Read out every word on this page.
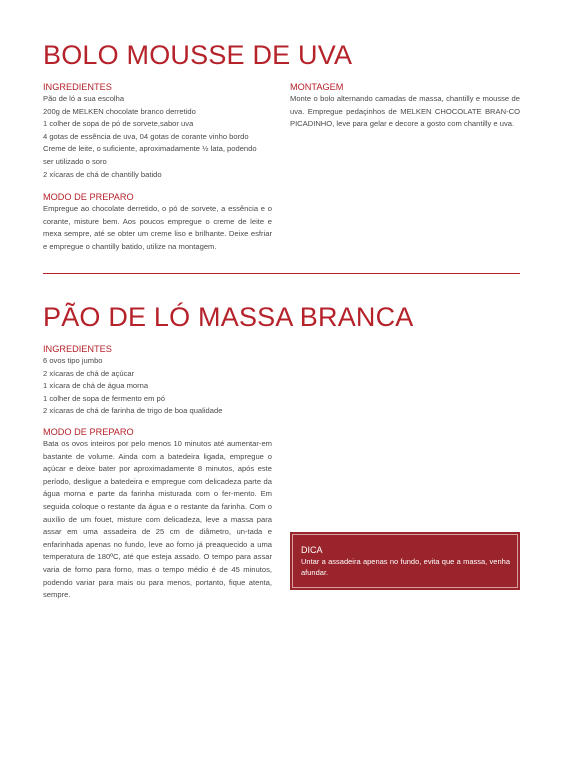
BOLO MOUSSE DE UVA

INGREDIENTES

Pão de ló a sua escolha
200g de MELKEN chocolate branco derretido
1 colher de sopa de pó de sorvete,sabor uva
4 gotas de essência de uva, 04 gotas de corante vinho bordo
Creme de leite, o suficiente, aproximadamente ½ lata, podendo
ser utilizado o soro
2 xícaras de chá de chantilly batido

MODO DE PREPARO

Empregue ao chocolate derretido, o pó de sorvete, a essência e o corante, misture bem. Aos poucos empregue o creme de leite e mexa sempre, até se obter um creme liso e brilhante. Deixe esfriar e empregue o chantilly batido, utilize na montagem.

MONTAGEM

Monte o bolo alternando camadas de massa, chantilly e mousse de uva. Empregue pedaçinhos de MELKEN CHOCOLATE BRAN-CO PICADINHO, leve para gelar e decore a gosto com chantilly e uva.

PÃO DE LÓ MASSA BRANCA

INGREDIENTES

6 ovos tipo jumbo
2 xícaras de chá de açúcar
1 xícara de chá de água morna
1 colher de sopa de fermento em pó
2 xícaras de chá de farinha de trigo de boa qualidade

MODO DE PREPARO

Bata os ovos inteiros por pelo menos 10 minutos até aumentar-em bastante de volume. Ainda com a batedeira ligada, empregue o açúcar e deixe bater por aproximadamente 8 minutos, após este período, desligue a batedeira e empregue com delicadeza parte da água morna e parte da farinha misturada com o fer-mento. Em seguida coloque o restante da água e o restante da farinha. Com o auxílio de um fouet, misture com delicadeza, leve a massa para assar em uma assadeira de 25 cm de diâmetro, un-tada e enfarinhada apenas no fundo, leve ao forno já preaquecido a uma temperatura de 180ºC, até que esteja assado. O tempo para assar varia de forno para forno, mas o tempo médio é de 45 minutos, podendo variar para mais ou para menos, portanto, fique atenta, sempre.

DICA

Untar a assadeira apenas no fundo, evita que a massa, venha afundar.
